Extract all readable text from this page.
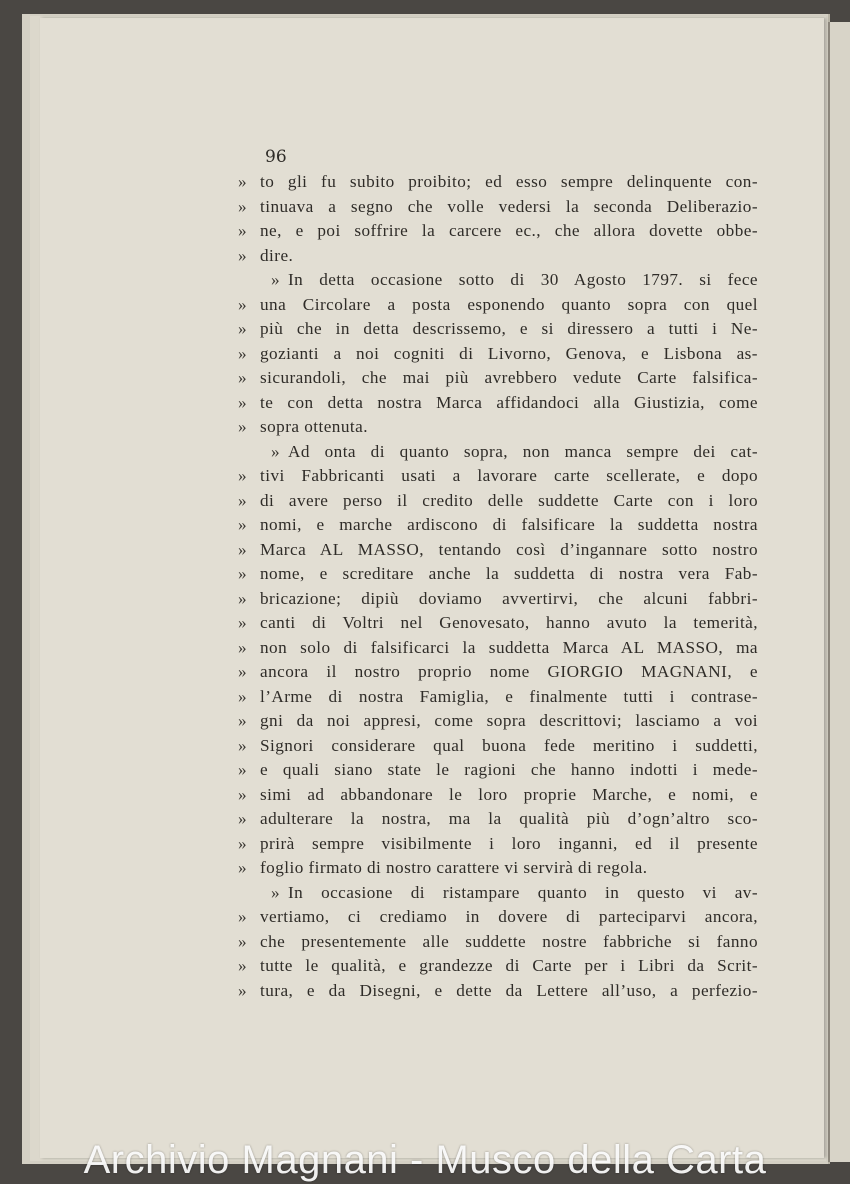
96
» to gli fu subito proibito; ed esso sempre delinquente con-
» tinuava a segno che volle vedersi la seconda Deliberazio-
» ne, e poi soffrire la carcere ec., che allora dovette obbe-
» dire.
» In detta occasione sotto di 30 Agosto 1797. si fece
» una Circolare a posta esponendo quanto sopra con quel
» più che in detta descrissemo, e si diressero a tutti i Ne-
» gozianti a noi cogniti di Livorno, Genova, e Lisbona as-
» sicurandoli, che mai più avrebbero vedute Carte falsifica-
» te con detta nostra Marca affidandoci alla Giustizia, come
» sopra ottenuta.
» Ad onta di quanto sopra, non manca sempre dei cat-
» tivi Fabbricanti usati a lavorare carte scellerate, e dopo
» di avere perso il credito delle suddette Carte con i loro
» nomi, e marche ardiscono di falsificare la suddetta nostra
» Marca AL MASSO, tentando così d’ingannare sotto nostro
» nome, e screditare anche la suddetta di nostra vera Fab-
» bricazione; dipiù doviamo avvertirvi, che alcuni fabbri-
» canti di Voltri nel Genovesato, hanno avuto la temerità,
» non solo di falsificarci la suddetta Marca AL MASSO, ma
» ancora il nostro proprio nome GIORGIO MAGNANI, e
» l’Arme di nostra Famiglia, e finalmente tutti i contrase-
» gni da noi appresi, come sopra descrittovi; lasciamo a voi
» Signori considerare qual buona fede meritino i suddetti,
» e quali siano state le ragioni che hanno indotti i mede-
» simi ad abbandonare le loro proprie Marche, e nomi, e
» adulterare la nostra, ma la qualità più d’ogn’altro sco-
» prirà sempre visibilmente i loro inganni, ed il presente
» foglio firmato di nostro carattere vi servirà di regola.
» In occasione di ristampare quanto in questo vi av-
» vertiamo, ci crediamo in dovere di parteciparvi ancora,
» che presentemente alle suddette nostre fabbriche si fanno
» tutte le qualità, e grandezze di Carte per i Libri da Scrit-
» tura, e da Disegni, e dette da Lettere all’uso, a perfezio-
Archivio Magnani - Musco della Carta
